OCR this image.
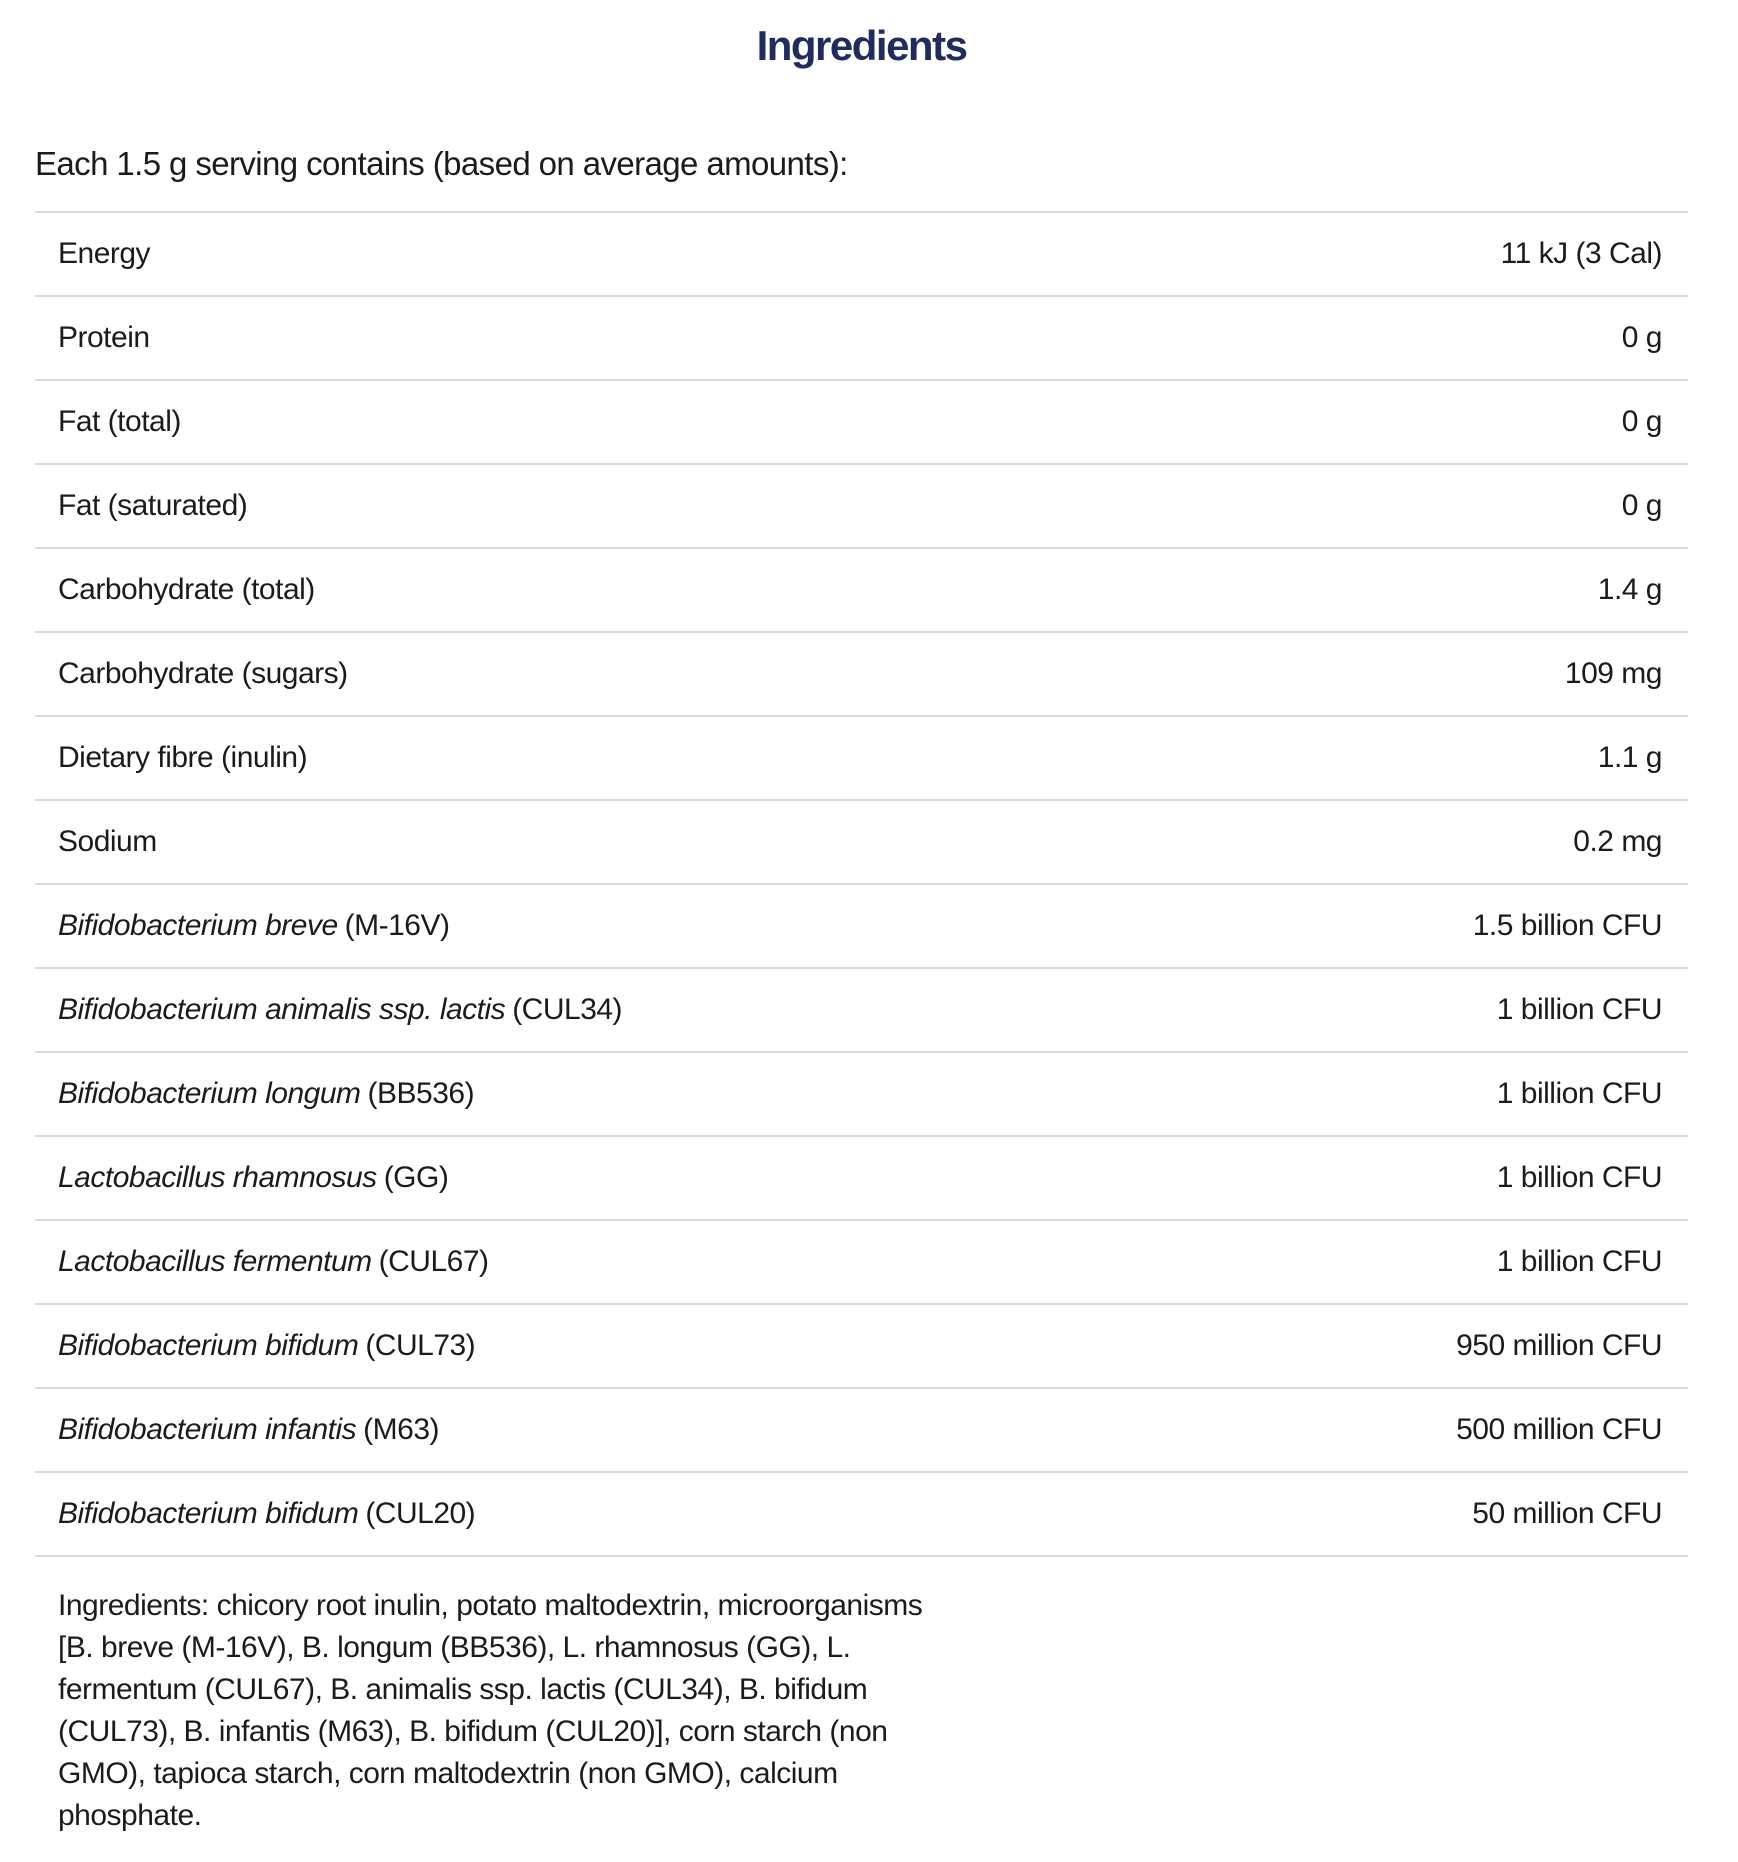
Ingredients
Each 1.5 g serving contains (based on average amounts):
Energy	11 kJ (3 Cal)
Protein	0 g
Fat (total)	0 g
Fat (saturated)	0 g
Carbohydrate (total)	1.4 g
Carbohydrate (sugars)	109 mg
Dietary fibre (inulin)	1.1 g
Sodium	0.2 mg
Bifidobacterium breve (M-16V)	1.5 billion CFU
Bifidobacterium animalis ssp. lactis (CUL34)	1 billion CFU
Bifidobacterium longum (BB536)	1 billion CFU
Lactobacillus rhamnosus (GG)	1 billion CFU
Lactobacillus fermentum (CUL67)	1 billion CFU
Bifidobacterium bifidum (CUL73)	950 million CFU
Bifidobacterium infantis (M63)	500 million CFU
Bifidobacterium bifidum (CUL20)	50 million CFU
Ingredients: chicory root inulin, potato maltodextrin, microorganisms
[B. breve (M-16V), B. longum (BB536), L. rhamnosus (GG), L.
fermentum (CUL67), B. animalis ssp. lactis (CUL34), B. bifidum
(CUL73), B. infantis (M63), B. bifidum (CUL20)], corn starch (non
GMO), tapioca starch, corn maltodextrin (non GMO), calcium
phosphate.
